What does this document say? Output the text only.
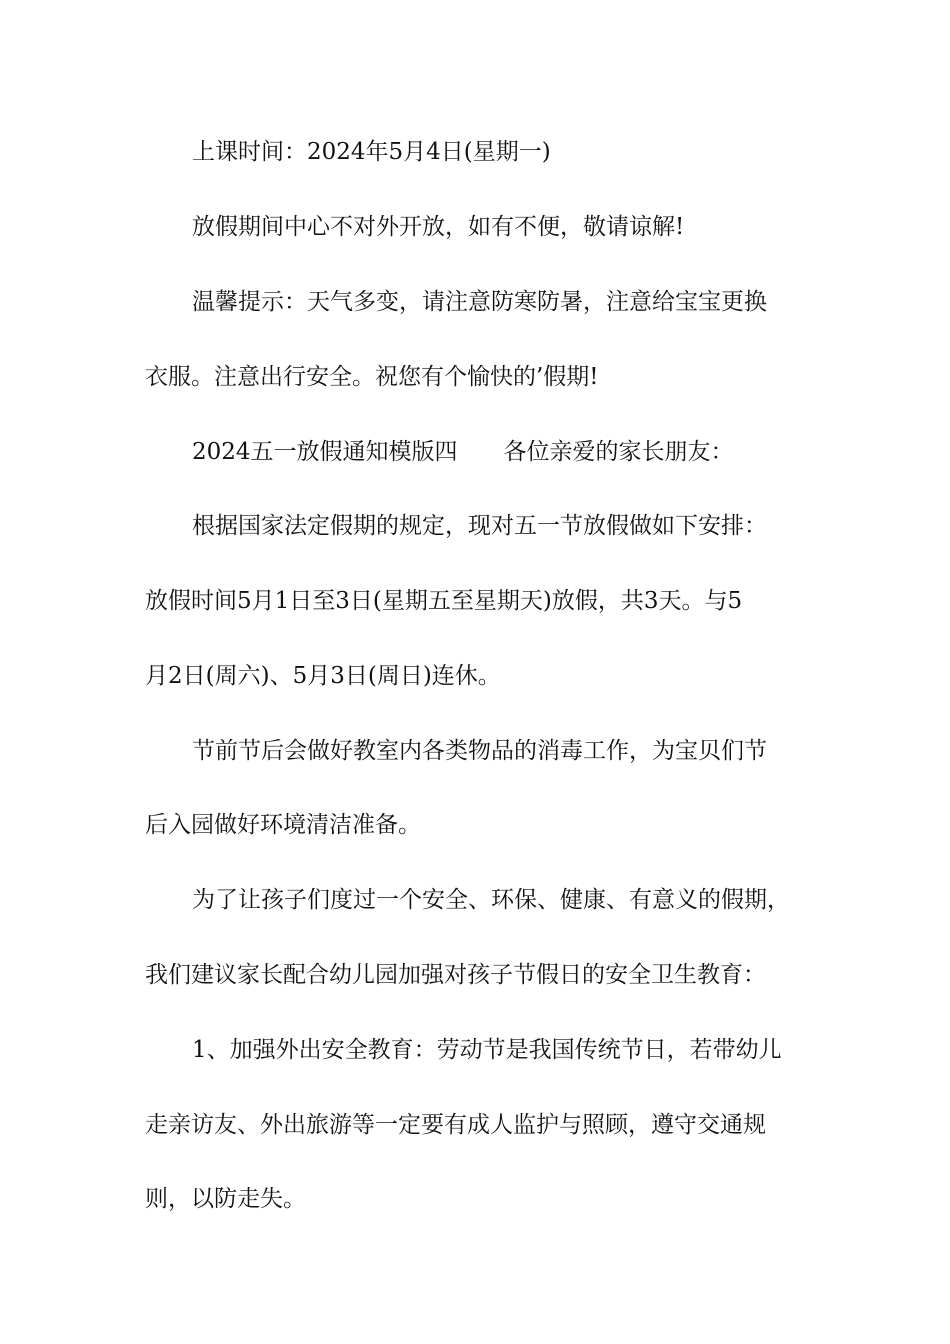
上课时间：2024年5月4日(星期一)
放假期间中心不对外开放，如有不便，敬请谅解!
温馨提示：天气多变，请注意防寒防暑，注意给宝宝更换
衣服。注意出行安全。祝您有个愉快的’假期!
2024五一放假通知模版四　　各位亲爱的家长朋友：
根据国家法定假期的规定，现对五一节放假做如下安排：
放假时间5月1日至3日(星期五至星期天)放假，共3天。与5
月2日(周六)、5月3日(周日)连休。
节前节后会做好教室内各类物品的消毒工作，为宝贝们节
后入园做好环境清洁准备。
为了让孩子们度过一个安全、环保、健康、有意义的假期，
我们建议家长配合幼儿园加强对孩子节假日的安全卫生教育：
1、加强外出安全教育：劳动节是我国传统节日，若带幼儿
走亲访友、外出旅游等一定要有成人监护与照顾，遵守交通规
则，以防走失。
